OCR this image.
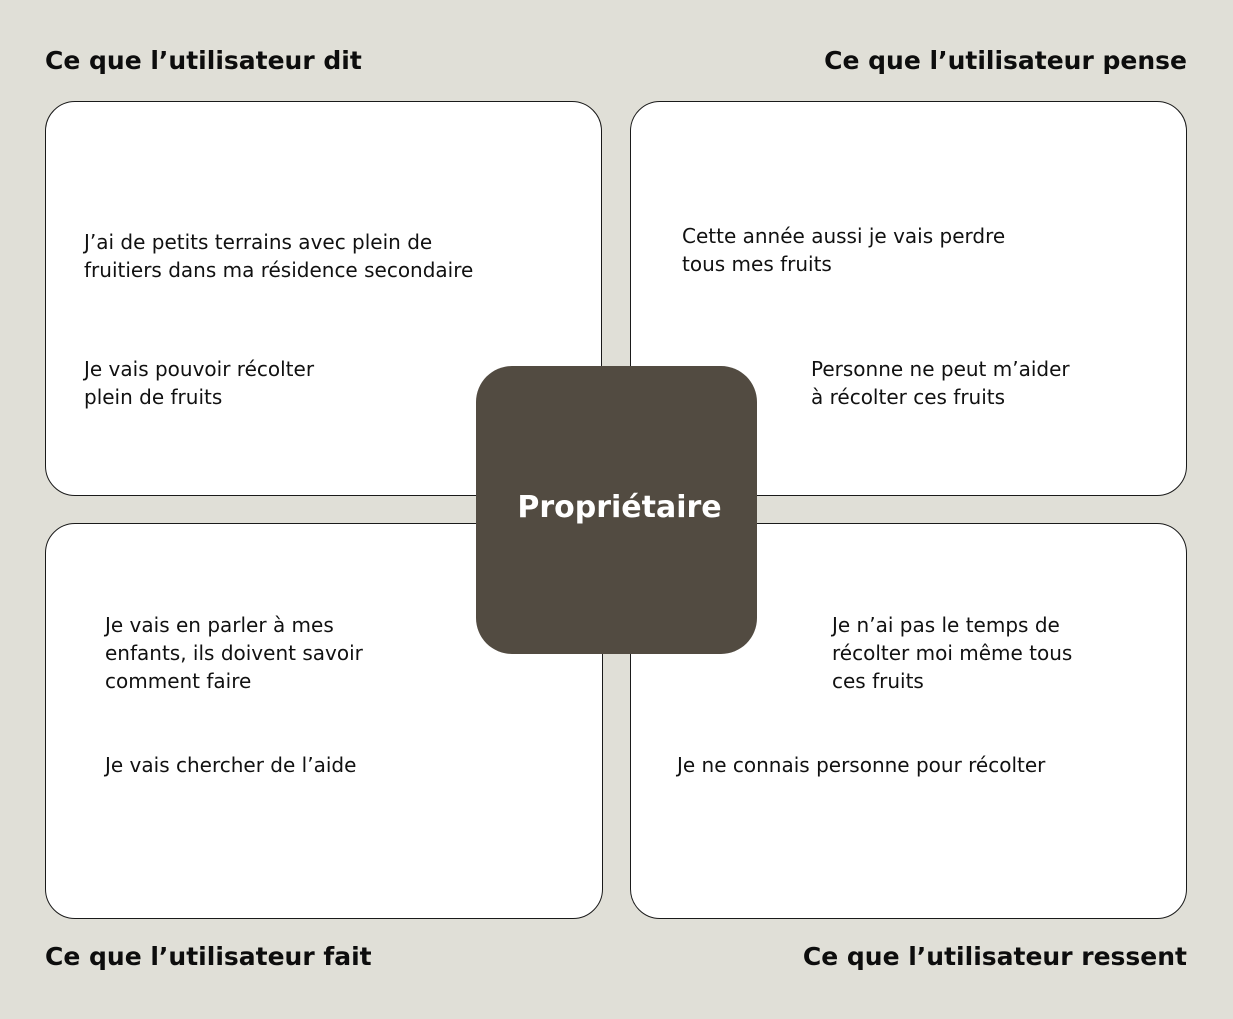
Ce que l’utilisateur dit	Ce que l’utilisateur pense
Ce que l’utilisateur fait	Ce que l’utilisateur ressent
J’ai de petits terrains avec plein de
fruitiers dans ma résidence secondaire
Je vais pouvoir récolter
plein de fruits
Cette année aussi je vais perdre
tous mes fruits
Personne ne peut m’aider
à récolter ces fruits
Je vais en parler à mes
enfants, ils doivent savoir
comment faire
Je vais chercher de l’aide
Je n’ai pas le temps de
récolter moi même tous
ces fruits
Je ne connais personne pour récolter
Propriétaire
